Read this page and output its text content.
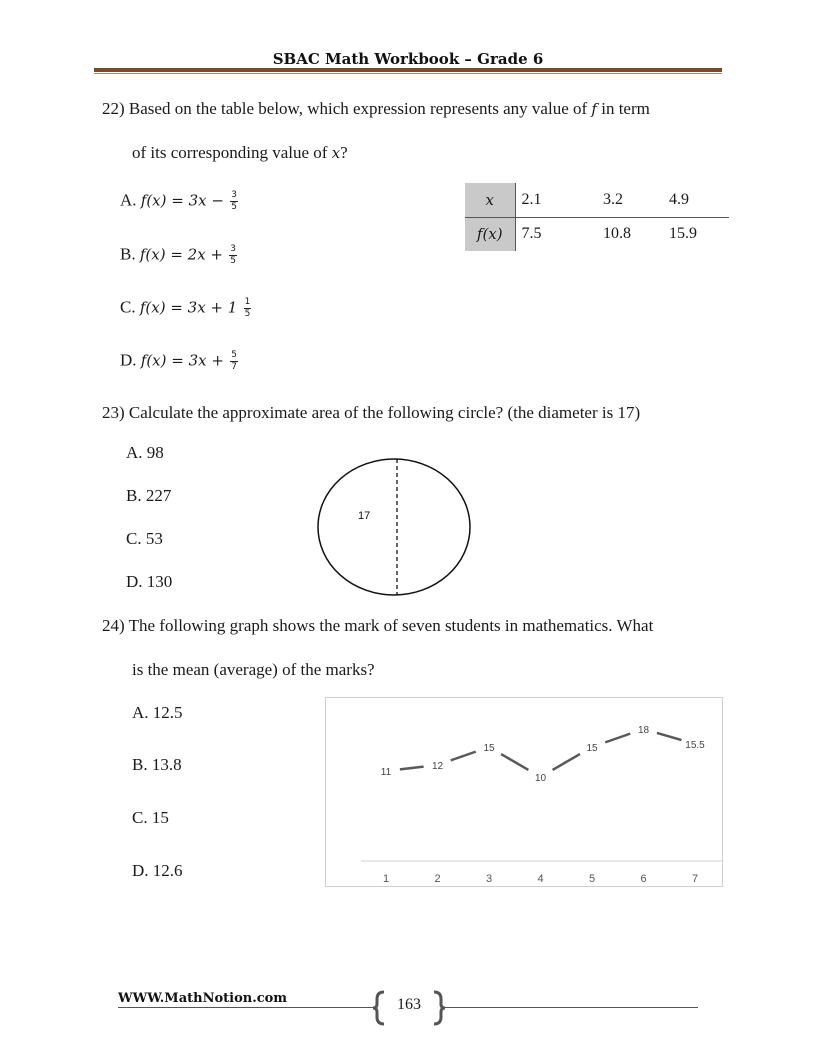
SBAC Math Workbook – Grade 6
22) Based on the table below, which expression represents any value of f in term
of its corresponding value of x?
A. $f(x) = 3x - \frac{3}{5}$
B. $f(x) = 2x + \frac{3}{5}$
C. $f(x) = 3x + 1 \frac{1}{5}$
D. $f(x) = 3x + \frac{5}{7}$
x	2.1	3.2	4.9
f(x)	7.5	10.8	15.9
23) Calculate the approximate area of the following circle? (the diameter is 17)
A. 98
B. 227
C. 53
D. 130
17
24) The following graph shows the mark of seven students in mathematics. What
is the mean (average) of the marks?
A. 12.5
B. 13.8
C. 15
D. 12.6
11
12
15
10
15
18
15.5
1	2	3	4	5	6	7
WWW.MathNotion.com	163
